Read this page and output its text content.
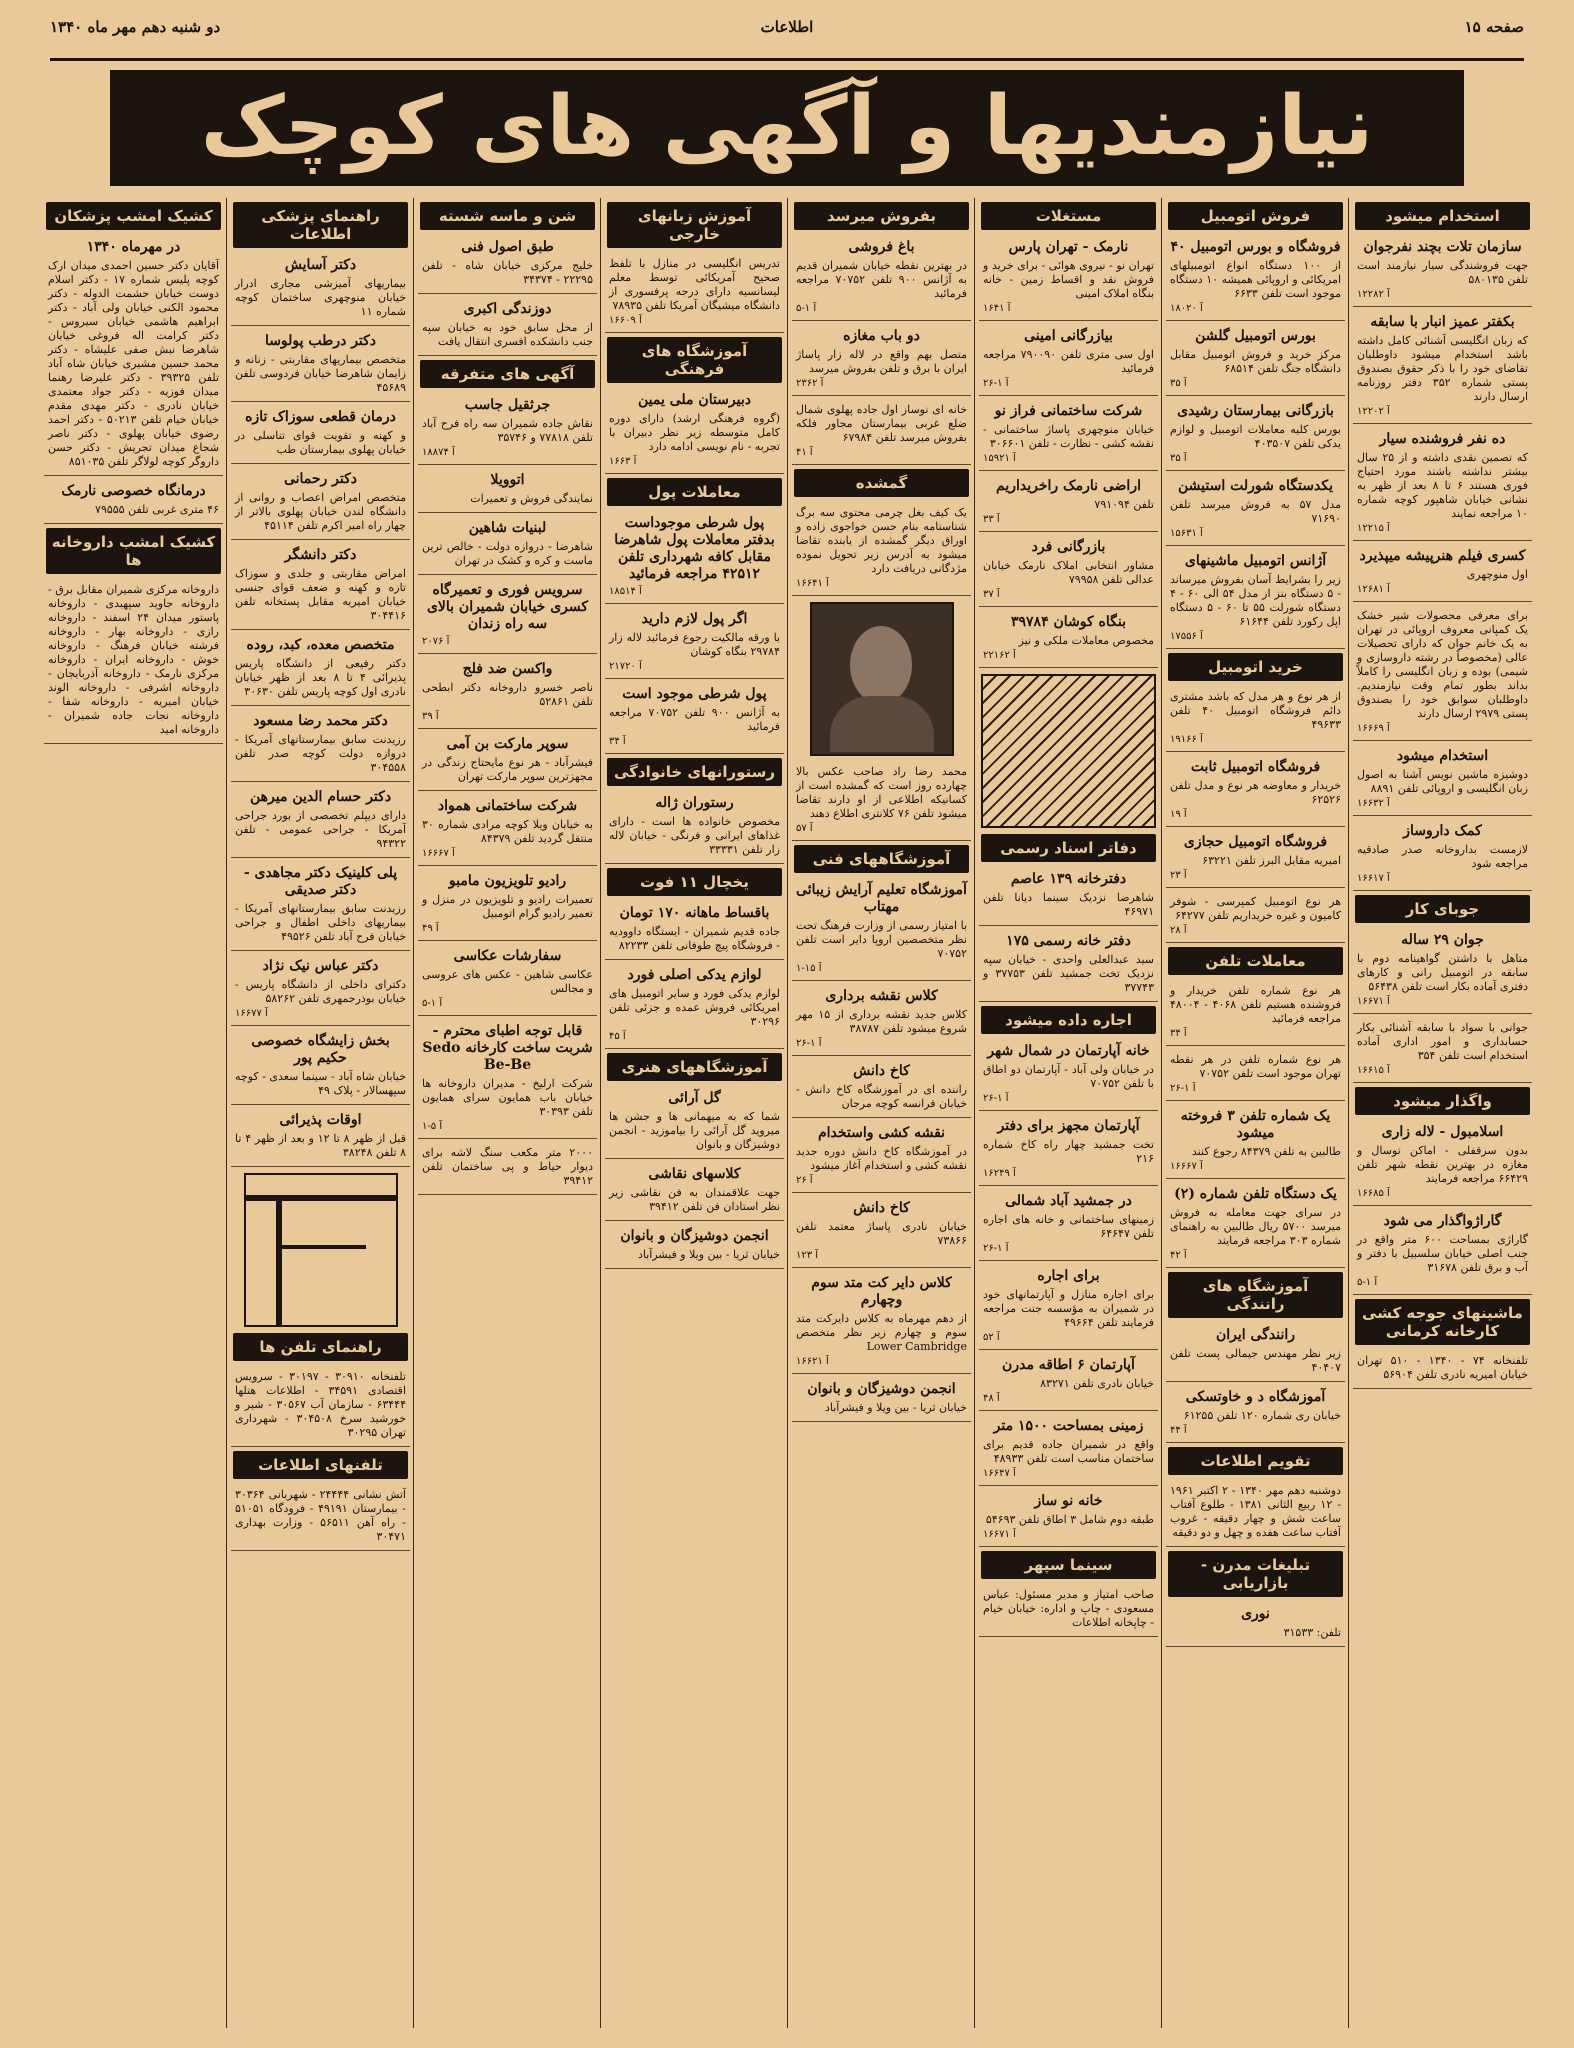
صفحه ۱۵
اطلاعات
دو شنبه دهم مهر ماه ۱۳۴۰
نیازمندیها و آگهی های کوچک
استخدام میشود
سازمان تلات بچند نفرجوان

جهت فروشندگی سیار نیازمند است تلفن ۵۸۰۱۳۵

آ ۱۲۲۸۲
بکفتر عمیز انبار با سابقه

که زبان انگلیسی آشنائی کامل داشته باشد استخدام میشود داوطلبان تقاضای خود را با ذکر حقوق بصندوق پستی شماره ۳۵۲ دفتر روزنامه ارسال دارند

آ ۱۲۲۰۲
ده نفر فروشنده سیار

که تصمین نقدی داشته و از ۲۵ سال بیشتر نداشته باشند مورد احتیاج فوری هستند ۶ تا ۸ بعد از ظهر به نشانی خیابان شاهپور کوچه شماره ۱۰ مراجعه نمایند

آ ۱۲۲۱۵
کسری فیلم هنرپیشه میپذیرد

اول منوچهری

آ ۱۲۶۸۱

برای معرفی محصولات شیر خشک یک کمپانی معروف اروپائی در تهران به یک خانم جوان که دارای تحصیلات عالی (مخصوصاً در رشته داروسازی و شیمی) بوده و زبان انگلیسی را کاملاً بداند بطور تمام وقت نیازمندیم. داوطلبان سوابق خود را بصندوق پستی ۲۹۷۹ ارسال دارند

آ ۱۶۶۶۹
استخدام میشود

دوشیزه ماشین نویس آشنا به اصول زبان انگلیسی و اروپائی تلفن ۸۸۹۱

آ ۱۶۶۳۲
کمک داروساز

لازمست بداروخانه صدر صادقیه مراجعه شود

آ ۱۶۶۱۷
جوبای کار
جوان ۲۹ ساله

متاهل با داشتن گواهینامه دوم با سابقه در اتومبیل رانی و کارهای دفتری آماده بکار است تلفن ۵۶۴۳۸

آ ۱۶۶۷۱

جوانی با سواد با سابقه آشنائی بکار حسابداری و امور اداری آماده استخدام است تلفن ۳۵۴

آ ۱۶۶۱۵
واگذار میشود
اسلامبول - لاله زاری

بدون سرقفلی - اماکن توسال و مغازه در بهترین نقطه شهر تلفن ۶۶۴۲۹ مراجعه فرمایند

آ ۱۶۶۸۵
گاراژواگذار می شود

گاراژی بمساحت ۶۰۰ متر واقع در جنب اصلی خیابان سلسبیل با دفتر و آب و برق تلفن ۳۱۶۷۸

آ ۱-۵
ماشینهای جوجه کشی کارخانه کرمانی

تلفنخانه ۷۴ - ۱۳۴۰ - ۵۱۰ تهران خیابان امیریه نادری تلفن ۵۶۹۰۴

فروش اتومبیل
فروشگاه و بورس اتومبیل ۴۰

از ۱۰۰ دستگاه انواع اتومبیلهای امریکائی و اروپائی همیشه ۱۰ دستگاه موجود است تلفن ۶۶۳۳

آ ۱۸۰۲۰
بورس اتومبیل گلشن

مرکز خرید و فروش اتومبیل مقابل دانشگاه جنگ تلفن ۶۸۵۱۴

آ ۳۵
بازرگانی بیمارستان رشیدی

بورس کلیه معاملات اتومبیل و لوازم یدکی تلفن ۴۰۳۵۰۷

آ ۳۵
یکدستگاه شورلت استیشن

مدل ۵۷ به فروش میرسد تلفن ۷۱۶۹۰

آ ۱۵۶۳۱
آژانس اتومبیل ماشینهای

زیر را بشرایط آسان بفروش میرساند - ۵ دستگاه بنز از مدل ۵۴ الی ۶۰ - ۴ دستگاه شورلت ۵۵ تا ۶۰ - ۵ دستگاه اپل رکورد تلفن ۶۱۶۴۴

آ ۱۷۵۵۶
خرید اتومبیل

از هر نوع و هر مدل که باشد مشتری دائم فروشگاه اتومبیل ۴۰ تلفن ۴۹۶۳۳

آ ۱۹۱۶۶
فروشگاه اتومبیل ثابت

خریدار و معاوضه هر نوع و مدل تلفن ۶۲۵۲۶

آ ۱۹
فروشگاه اتومبیل حجازی

امیریه مقابل البرز تلفن ۶۳۲۲۱

آ ۲۳

هر نوع اتومبیل کمپرسی - شوفر کامیون و غیره خریداریم تلفن ۶۴۲۷۷

آ ۲۸
معاملات تلفن

هر نوع شماره تلفن خریدار و فروشنده هستیم تلفن ۴۰۶۸ - ۴۸۰۰۴ مراجعه فرمائید

آ ۳۴

هر نوع شماره تلفن در هر نقطه تهران موجود است تلفن ۷۰۷۵۲

آ ۱-۲۶
یک شماره تلفن ۳ فروخته میشود

طالبین به تلفن ۸۴۳۷۹ رجوع کنند

آ ۱۶۶۶۷
یک دستگاه تلفن شماره (۲)

در سرای جهت معامله به فروش میرسد ۵۷۰۰ ریال طالبین به راهنمای شماره ۳۰۳ مراجعه فرمایند

آ ۴۲
آموزشگاه های رانندگی
رانندگی ایران

زیر نظر مهندس جیمالی پست تلفن ۴۰۴۰۷

آموزشگاه د و خاوتسکی

خیابان ری شماره ۱۲۰ تلفن ۶۱۲۵۵

آ ۴۴
تقویم اطلاعات

دوشنبه دهم مهر ۱۳۴۰ - ۲ اکتبر ۱۹۶۱ - ۱۲ ربیع الثانی ۱۳۸۱ - طلوع آفتاب ساعت شش و چهار دقیقه - غروب آفتاب ساعت هفده و چهل و دو دقیقه

تبلیغات مدرن - بازاریابی
نوری

تلفن: ۳۱۵۳۳

مستغلات
نارمک - تهران پارس

تهران نو - نیروی هوائی - برای خرید و فروش نقد و اقساط زمین - خانه بنگاه املاک امینی

آ ۱۶۴۱
بیازرگانی امینی

اول سی متری تلفن ۷۹۰۰۹۰ مراجعه فرمائید

آ ۱-۲۶
شرکت ساختمانی فراز نو

خیابان منوچهری پاساژ ساختمانی - نقشه کشی - نظارت - تلفن ۳۰۶۶۰۱

آ ۱۵۹۲۱
اراضی نارمک راخریداریم

تلفن ۷۹۱۰۹۴

آ ۳۳
بازرگانی فرد

مشاور انتخابی املاک نارمک خیابان عدالی تلفن ۷۹۹۵۸

آ ۳۷
بنگاه کوشان ۳۹۷۸۴

مخصوص معاملات ملکی و نیز

آ ۲۲۱۶۲
دفاتر اسناد رسمی
دفترخانه ۱۳۹ عاصم

شاهرضا نزدیک سینما دیانا تلفن ۴۶۹۷۱

دفتر خانه رسمی ۱۷۵

سید عبدالعلی واحدی - خیابان سپه نزدیک تخت جمشید تلفن ۳۷۷۵۳ و ۳۷۷۴۳

اجاره داده میشود
خانه آپارتمان در شمال شهر

در خیابان ولی آباد - آپارتمان دو اطاق با تلفن ۷۰۷۵۲

آ ۱-۲۶
آپارتمان مجهز برای دفتر

تخت جمشید چهار راه کاخ شماره ۲۱۶

آ ۱۶۲۴۹
در جمشید آباد شمالی

زمینهای ساختمانی و خانه های اجاره تلفن ۶۴۶۴۷

آ ۱-۲۶
برای اجاره

برای اجاره منازل و آپارتمانهای خود در شمیران به مؤسسه جنت مراجعه فرمایند تلفن ۴۹۶۶۴

آ ۵۲
آپارتمان ۶ اطاقه مدرن

خیابان نادری تلفن ۸۳۲۷۱

آ ۴۸
زمینی بمساحت ۱۵۰۰ متر

واقع در شمیران جاده قدیم برای ساختمان مناسب است تلفن ۴۸۹۳۳

آ ۱۶۶۴۷
خانه نو ساز

طبقه دوم شامل ۳ اطاق تلفن ۵۴۶۹۳

آ ۱۶۶۷۱
سینما سپهر

صاحب امتیاز و مدیر مسئول: عباس مسعودی - چاپ و اداره: خیابان خیام - چاپخانه اطلاعات

بفروش میرسد
باغ فروشی

در بهترین نقطه خیابان شمیران قدیم به آژانس ۹۰۰ تلفن ۷۰۷۵۲ مراجعه فرمائید

آ ۱-۵
دو باب مغازه

متصل بهم واقع در لاله زار پاساژ ایران با برق و تلفن بفروش میرسد

آ ۲۳۶۲

خانه ای نوساز اول جاده پهلوی شمال ضلع غربی بیمارستان مجاور فلکه بفروش میرسد تلفن ۶۷۹۸۴

آ ۴۱
گمشده

یک کیف بغل چرمی محتوی سه برگ شناسنامه بنام حسن خواجوی زاده و اوراق دیگر گمشده از یابنده تقاضا میشود به آدرس زیر تحویل نموده مژدگانی دریافت دارد

آ ۱۶۶۴۱

محمد رضا راد صاحب عکس بالا چهارده روز است که گمشده است از کسانیکه اطلاعی از او دارند تقاضا میشود تلفن ۷۶ کلانتری اطلاع دهند

آ ۵۷
آموزشگاههای فنی
آموزشگاه تعلیم آرایش زیبائی مهتاب

با امتیاز رسمی از وزارت فرهنگ تحت نظر متخصصین اروپا دایر است تلفن ۷۰۷۵۲

آ ۱۵-۱
کلاس نقشه برداری

کلاس جدید نقشه برداری از ۱۵ مهر شروع میشود تلفن ۳۸۷۸۷

آ ۱-۲۶
کاخ دانش

راننده ای در آموزشگاه کاخ دانش - خیابان فرانسه کوچه مرجان

نقشه کشی واستخدام

در آموزشگاه کاخ دانش دوره جدید نقشه کشی و استخدام آغاز میشود

آ ۲۶
کاخ دانش

خیابان نادری پاساژ معتمد تلفن ۷۳۸۶۶

آ ۱۲۳
کلاس دایر کت متد سوم وچهارم

از دهم مهرماه به کلاس دایرکت متد سوم و چهارم زیر نظر متخصص Lower Cambridge

آ ۱۶۶۲۱
انجمن دوشیزگان و بانوان

خیابان ثریا - بین ویلا و فیشرآباد

آموزش زبانهای خارجی

تدریس انگلیسی در منازل با تلفظ صحیح آمریکائی توسط معلم لیسانسیه دارای درجه پرفسوری از دانشگاه میشیگان آمریکا تلفن ۷۸۹۳۵

آ ۱۶۶۰۹
آموزشگاه های فرهنگی
دبیرستان ملی یمین

(گروه فرهنگی ارشد) دارای دوره کامل متوسطه زیر نظر دبیران با تجربه - نام نویسی ادامه دارد

آ ۱۶۶۳
معاملات پول
پول شرطی موجوداست بدفتر معاملات پول شاهرضا مقابل کافه شهرداری تلفن ۴۲۵۱۲ مراجعه فرمائید
آ ۱۸۵۱۴
اگر پول لازم دارید

با ورقه مالکیت رجوع فرمائید لاله زار ۲۹۷۸۴ بنگاه کوشان

آ ۲۱۷۲۰
پول شرطی موجود است

به آژانس ۹۰۰ تلفن ۷۰۷۵۲ مراجعه فرمائید

آ ۳۴
رستورانهای خانوادگی
رستوران ژاله

مخصوص خانواده ها است - دارای غذاهای ایرانی و فرنگی - خیابان لاله زار تلفن ۳۳۳۳۱

یخچال ۱۱ فوت
باقساط ماهانه ۱۷۰ تومان

جاده قدیم شمیران - ایستگاه داوودیه - فروشگاه پیچ طوفانی تلفن ۸۲۲۳۳

لوازم یدکی اصلی فورد

لوازم یدکی فورد و سایر اتومبیل های امریکائی فروش عمده و جزئی تلفن ۳۰۲۹۶

آ ۴۵
آموزشگاههای هنری
گل آرائی

شما که به میهمانی ها و جشن ها میروید گل آرائی را بیاموزید - انجمن دوشیزگان و بانوان

کلاسهای نقاشی

جهت علاقمندان به فن نقاشی زیر نظر استادان فن تلفن ۳۹۴۱۲

انجمن دوشیزگان و بانوان

خیابان ثریا - بین ویلا و فیشرآباد

شن و ماسه شسته
طبق اصول فنی

خلیج مرکزی خیابان شاه - تلفن ۲۲۲۹۵ - ۳۴۳۷۴

دوزندگی اکبری

از محل سابق خود به خیابان سپه جنب دانشکده افسری انتقال یافت

آگهی های متفرقه
جرثقیل جاسب

نقاش جاده شمیران سه راه فرح آباد تلفن ۷۷۸۱۸ و ۳۵۷۴۶

آ ۱۸۸۷۴
اتوویلا

نمایندگی فروش و تعمیرات

لبنیات شاهین

شاهرضا - دروازه دولت - خالص ترین ماست و کره و کشک در تهران

سرویس فوری و تعمیرگاه کسری خیابان شمیران بالای سه راه زندان
آ ۲۰۷۶
واکسن ضد فلج

ناصر خسرو داروخانه دکتر ابطحی تلفن ۵۲۸۶۱

آ ۳۹
سوپر مارکت بن آمی

فیشرآباد - هر نوع مایحتاج زندگی در مجهزترین سوپر مارکت تهران

شرکت ساختمانی همواد

به خیابان ویلا کوچه مرادی شماره ۳۰ منتقل گردید تلفن ۸۴۳۷۹

آ ۱۶۶۶۷
رادیو تلویزیون مامبو

تعمیرات رادیو و تلویزیون در منزل و تعمیر رادیو گرام اتومبیل

آ ۴۹
سفارشات عکاسی

عکاسی شاهین - عکس های عروسی و مجالس

آ ۱-۵
قابل توجه اطبای محترم - شربت ساخت کارخانه Sedo Be-Be

شرکت ارلیخ - مدیران داروخانه ها خیابان باب همایون سرای همایون تلفن ۳۰۳۹۳

آ ۵-۱

۲۰۰۰ متر مکعب سنگ لاشه برای دیوار حیاط و پی ساختمان تلفن ۳۹۴۱۲

راهنمای پزشکی اطلاعات
دکتر آسایش

بیماریهای آمیزشی مجاری ادرار خیابان منوچهری ساختمان کوچه شماره ۱۱

دکتر درطب پولوسا

متخصص بیماریهای مقاربتی - زنانه و زایمان شاهرضا خیابان فردوسی تلفن ۴۵۶۸۹

درمان قطعی سوزاک تازه

و کهنه و تقویت قوای تناسلی در خیابان پهلوی بیمارستان طب

دکتر رحمانی

متخصص امراض اعصاب و روانی از دانشگاه لندن خیابان پهلوی بالاتر از چهار راه امیر اکرم تلفن ۴۵۱۱۴

دکتر دانشگر

امراض مقاربتی و جلدی و سوزاک تازه و کهنه و ضعف قوای جنسی خیابان امیریه مقابل پستخانه تلفن ۳۰۴۴۱۶

متخصص معده، کبد، روده

دکتر رفیعی از دانشگاه پاریس پذیرائی ۴ تا ۸ بعد از ظهر خیابان نادری اول کوچه پاریس تلفن ۳۰۶۳۰

دکتر محمد رضا مسعود

رزیدنت سابق بیمارستانهای آمریکا - دروازه دولت کوچه صدر تلفن ۳۰۴۵۵۸

دکتر حسام الدین میرهن

دارای دیپلم تخصصی از بورد جراحی آمریکا - جراحی عمومی - تلفن ۹۴۳۲۲

پلی کلینیک دکتر مجاهدی - دکتر صدیقی

رزیدنت سابق بیمارستانهای آمریکا - بیماریهای داخلی اطفال و جراحی خیابان فرح آباد تلفن ۴۹۵۲۶

دکتر عباس نیک نژاد

دکترای داخلی از دانشگاه پاریس - خیابان بوذرجمهری تلفن ۵۸۲۶۲

آ ۱۶۶۷۷
بخش زایشگاه خصوصی حکیم پور

خیابان شاه آباد - سینما سعدی - کوچه سپهسالار - پلاک ۴۹

اوقات پذیرائی

قبل از ظهر ۸ تا ۱۲ و بعد از ظهر ۴ تا ۸ تلفن ۳۸۲۴۸

راهنمای تلفن ها

تلفنخانه ۳۰۹۱۰ - ۳۰۱۹۷ - سرویس اقتصادی ۳۴۵۹۱ - اطلاعات هتلها ۶۳۴۴۴ - سازمان آب ۳۰۵۶۷ - شیر و خورشید سرخ ۳۰۴۵۰۸ - شهرداری تهران ۳۰۲۹۵

تلفنهای اطلاعات

آتش نشانی ۲۴۴۴۴ - شهربانی ۳۰۳۶۴ - بیمارستان ۴۹۱۹۱ - فرودگاه ۵۱۰۵۱ - راه آهن ۵۶۵۱۱ - وزارت بهداری ۳۰۴۷۱

کشیک امشب پزشکان
در مهرماه ۱۳۴۰

آقایان دکتر حسین احمدی میدان ارک کوچه پلیس شماره ۱۷ - دکتر اسلام دوست خیابان حشمت الدوله - دکتر محمود الکنی خیابان ولی آباد - دکتر ابراهیم هاشمی خیابان سیروس - دکتر کرامت اله فروغی خیابان شاهرضا نبش صفی علیشاه - دکتر محمد حسین مشیری خیابان شاه آباد تلفن ۳۹۳۲۵ - دکتر علیرضا رهنما میدان فوزیه - دکتر جواد معتمدی خیابان نادری - دکتر مهدی مقدم خیابان خیام تلفن ۵۰۲۱۳ - دکتر احمد رضوی خیابان پهلوی - دکتر ناصر شجاع میدان تجریش - دکتر حسن داروگر کوچه لولاگر تلفن ۸۵۱۰۳۵

درمانگاه خصوصی نارمک

۴۶ متری غربی تلفن ۷۹۵۵۵

کشیک امشب داروخانه ها

داروخانه مرکزی شمیران مقابل برق - داروخانه جاوید سپهبدی - داروخانه پاستور میدان ۲۴ اسفند - داروخانه رازی - داروخانه بهار - داروخانه فرشته خیابان فرهنگ - داروخانه خوش - داروخانه ایران - داروخانه مرکزی نارمک - داروخانه آذربایجان - داروخانه اشرفی - داروخانه الوند خیابان امیریه - داروخانه شفا - داروخانه نجات جاده شمیران - داروخانه امید
